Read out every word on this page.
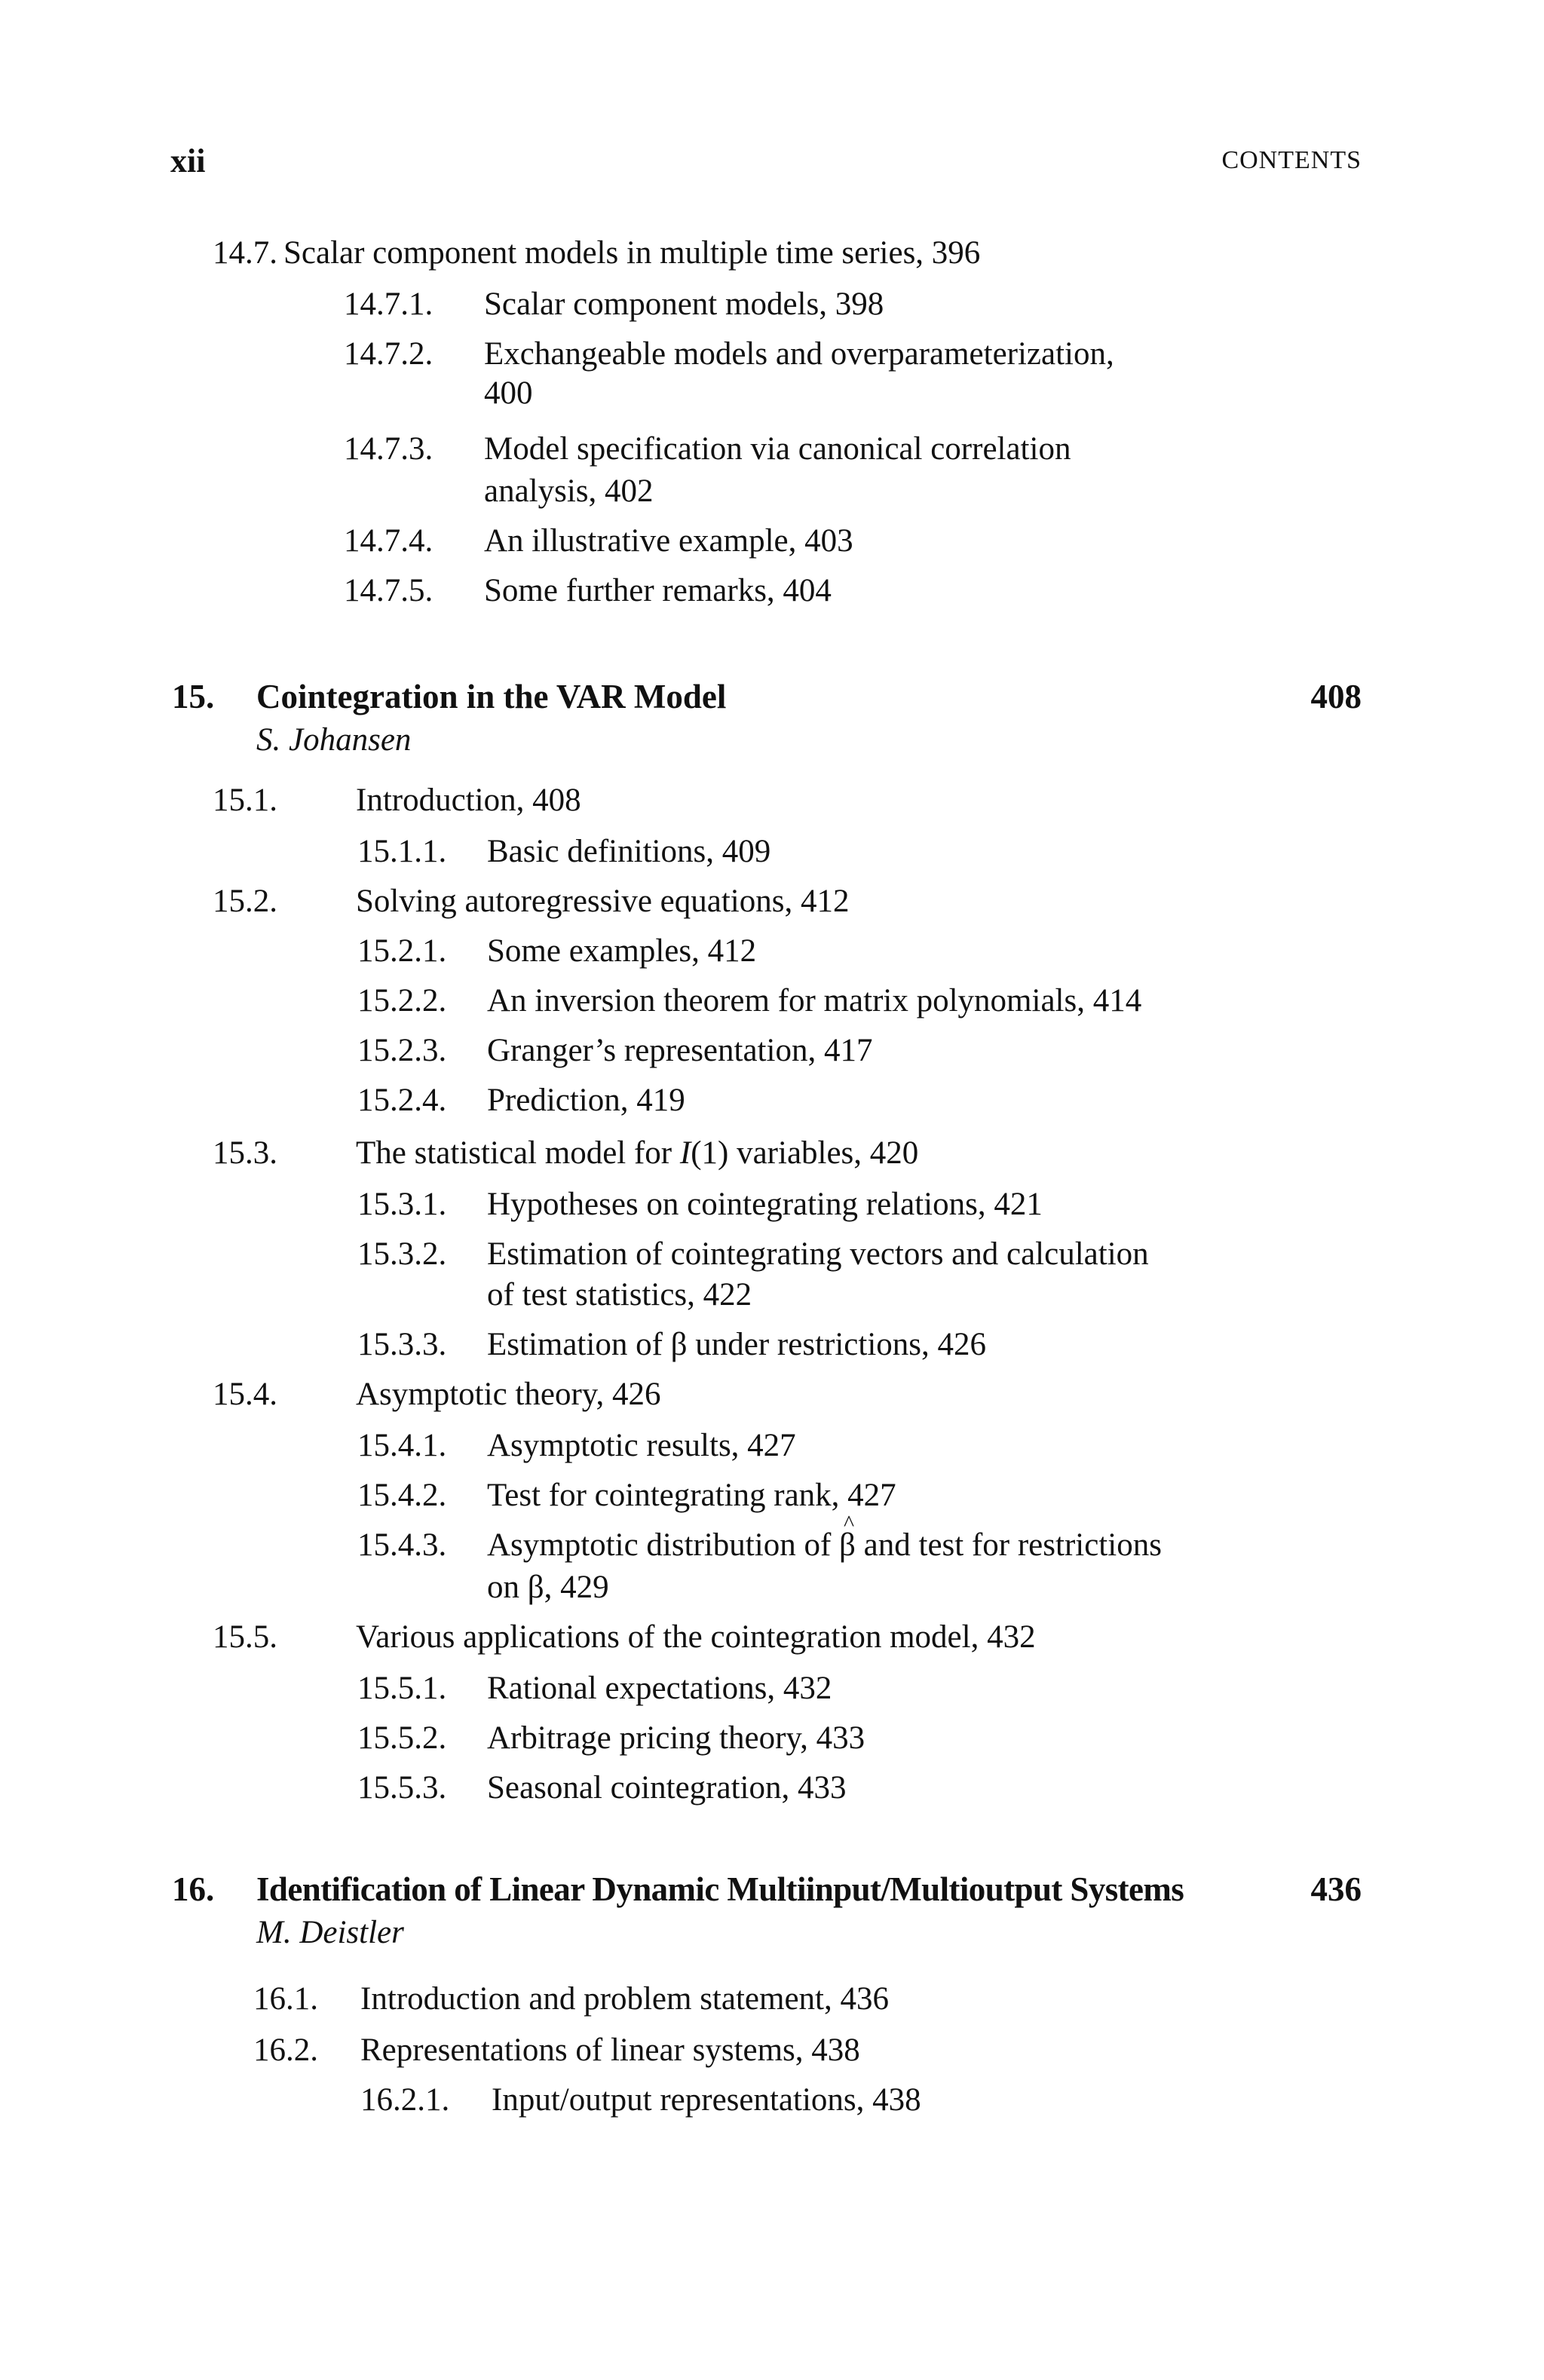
xii	CONTENTS
14.7. Scalar component models in multiple time series, 396
14.7.1. Scalar component models, 398
14.7.2. Exchangeable models and overparameterization,
400
14.7.3. Model specification via canonical correlation
analysis, 402
14.7.4. An illustrative example, 403
14.7.5. Some further remarks, 404
15. Cointegration in the VAR Model	408
S. Johansen
15.1. Introduction, 408
15.1.1. Basic definitions, 409
15.2. Solving autoregressive equations, 412
15.2.1. Some examples, 412
15.2.2. An inversion theorem for matrix polynomials, 414
15.2.3. Granger’s representation, 417
15.2.4. Prediction, 419
15.3. The statistical model for I(1) variables, 420
15.3.1. Hypotheses on cointegrating relations, 421
15.3.2. Estimation of cointegrating vectors and calculation
of test statistics, 422
15.3.3. Estimation of β under restrictions, 426
15.4. Asymptotic theory, 426
15.4.1. Asymptotic results, 427
15.4.2. Test for cointegrating rank, 427
15.4.3. Asymptotic distribution of ^ β and test for restrictions
on β, 429
15.5. Various applications of the cointegration model, 432
15.5.1. Rational expectations, 432
15.5.2. Arbitrage pricing theory, 433
15.5.3. Seasonal cointegration, 433
16. Identification of Linear Dynamic Multiinput/Multioutput Systems	436
M. Deistler
16.1. Introduction and problem statement, 436
16.2. Representations of linear systems, 438
16.2.1. Input/output representations, 438
